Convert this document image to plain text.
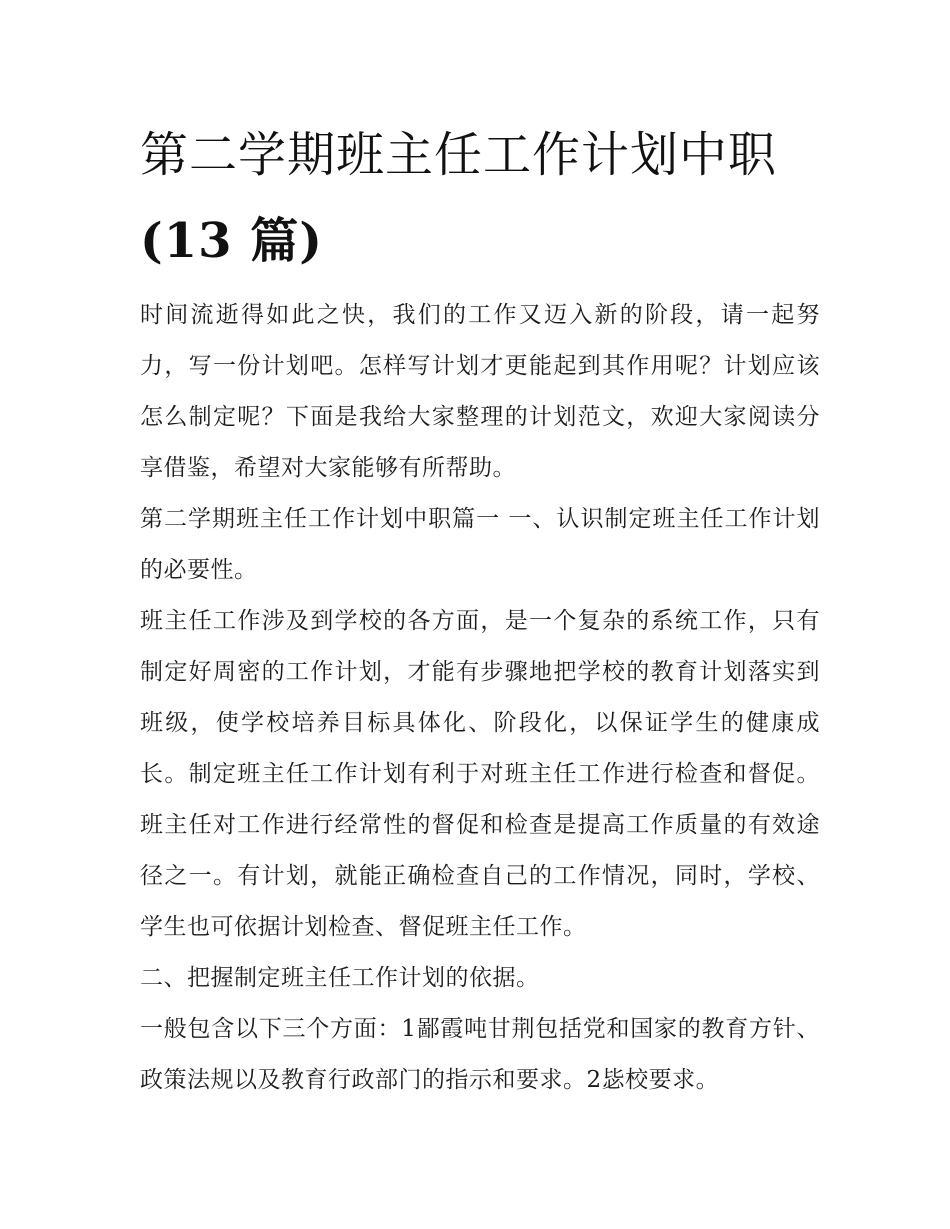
第二学期班主任工作计划中职
(13 篇)

时间流逝得如此之快，我们的工作又迈入新的阶段，请一起努力，写一份计划吧。怎样写计划才更能起到其作用呢？计划应该怎么制定呢？下面是我给大家整理的计划范文，欢迎大家阅读分享借鉴，希望对大家能够有所帮助。

第二学期班主任工作计划中职篇一 一、认识制定班主任工作计划的必要性。

班主任工作涉及到学校的各方面，是一个复杂的系统工作，只有制定好周密的工作计划，才能有步骤地把学校的教育计划落实到班级，使学校培养目标具体化、阶段化，以保证学生的健康成长。制定班主任工作计划有利于对班主任工作进行检查和督促。班主任对工作进行经常性的督促和检查是提高工作质量的有效途径之一。有计划，就能正确检查自己的工作情况，同时，学校、学生也可依据计划检查、督促班主任工作。

二、把握制定班主任工作计划的依据。

一般包含以下三个方面：1鄙霞吨甘荆包括党和国家的教育方针、政策法规以及教育行政部门的指示和要求。2毖校要求。
